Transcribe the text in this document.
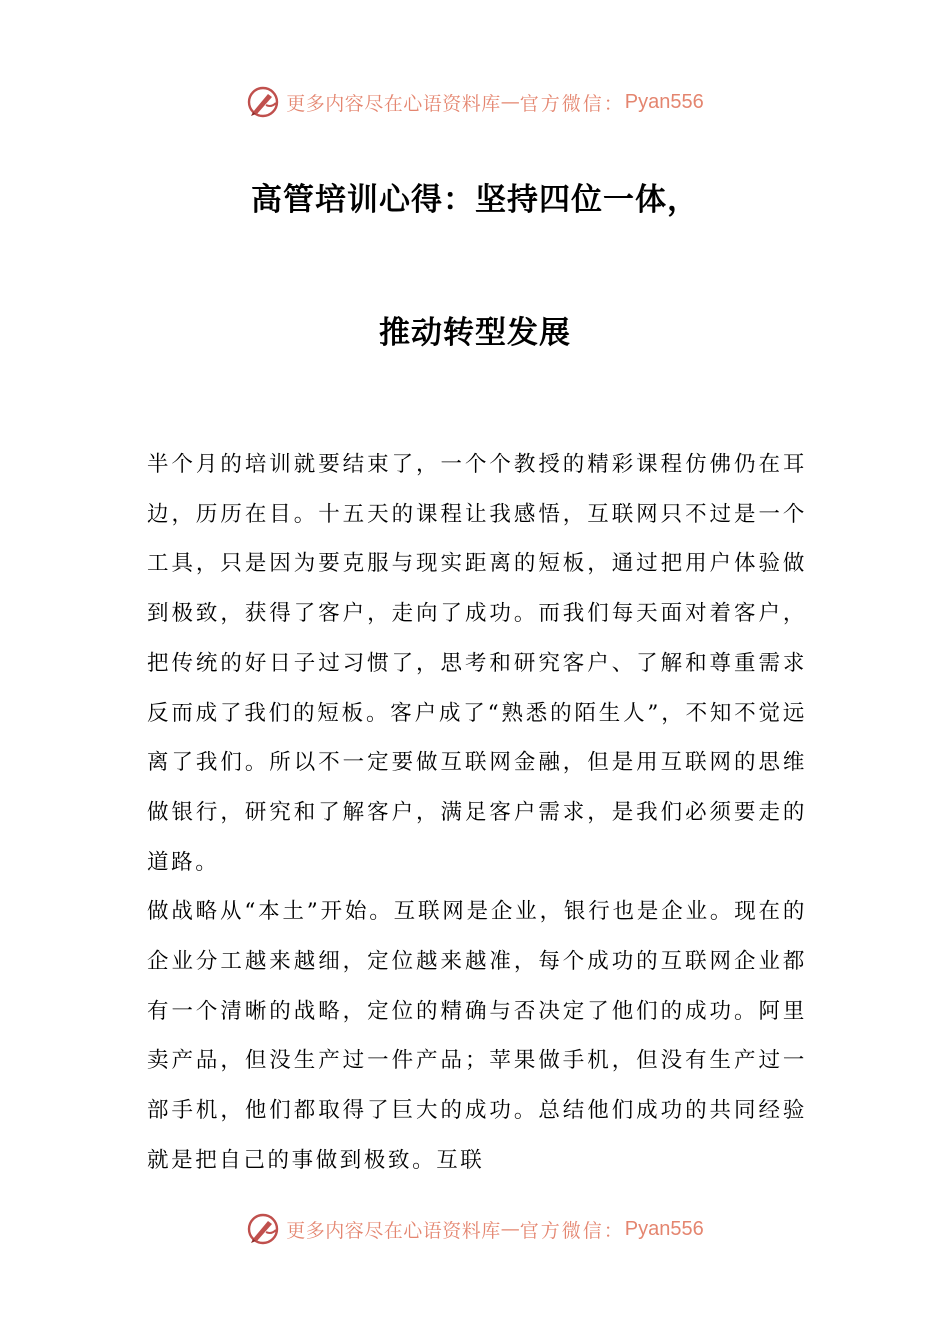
更多内容尽在心语资料库 — 官方微信： Pyan556
高管培训心得：坚持四位一体，
推动转型发展

半个月的培训就要结束了，一个个教授的精彩课程仿佛仍在耳边，历历在目。十五天的课程让我感悟，互联网只不过是一个工具，只是因为要克服与现实距离的短板，通过把用户体验做到极致，获得了客户，走向了成功。而我们每天面对着客户，把传统的好日子过习惯了，思考和研究客户、了解和尊重需求反而成了我们的短板。客户成了“熟悉的陌生人”，不知不觉远离了我们。所以不一定要做互联网金融，但是用互联网的思维做银行，研究和了解客户，满足客户需求，是我们必须要走的道路。

做战略从“本土”开始。互联网是企业，银行也是企业。现在的企业分工越来越细，定位越来越准，每个成功的互联网企业都有一个清晰的战略，定位的精确与否决定了他们的成功。阿里卖产品，但没生产过一件产品；苹果做手机，但没有生产过一部手机，他们都取得了巨大的成功。总结他们成功的共同经验就是把自己的事做到极致。互联

更多内容尽在心语资料库 — 官方微信： Pyan556
